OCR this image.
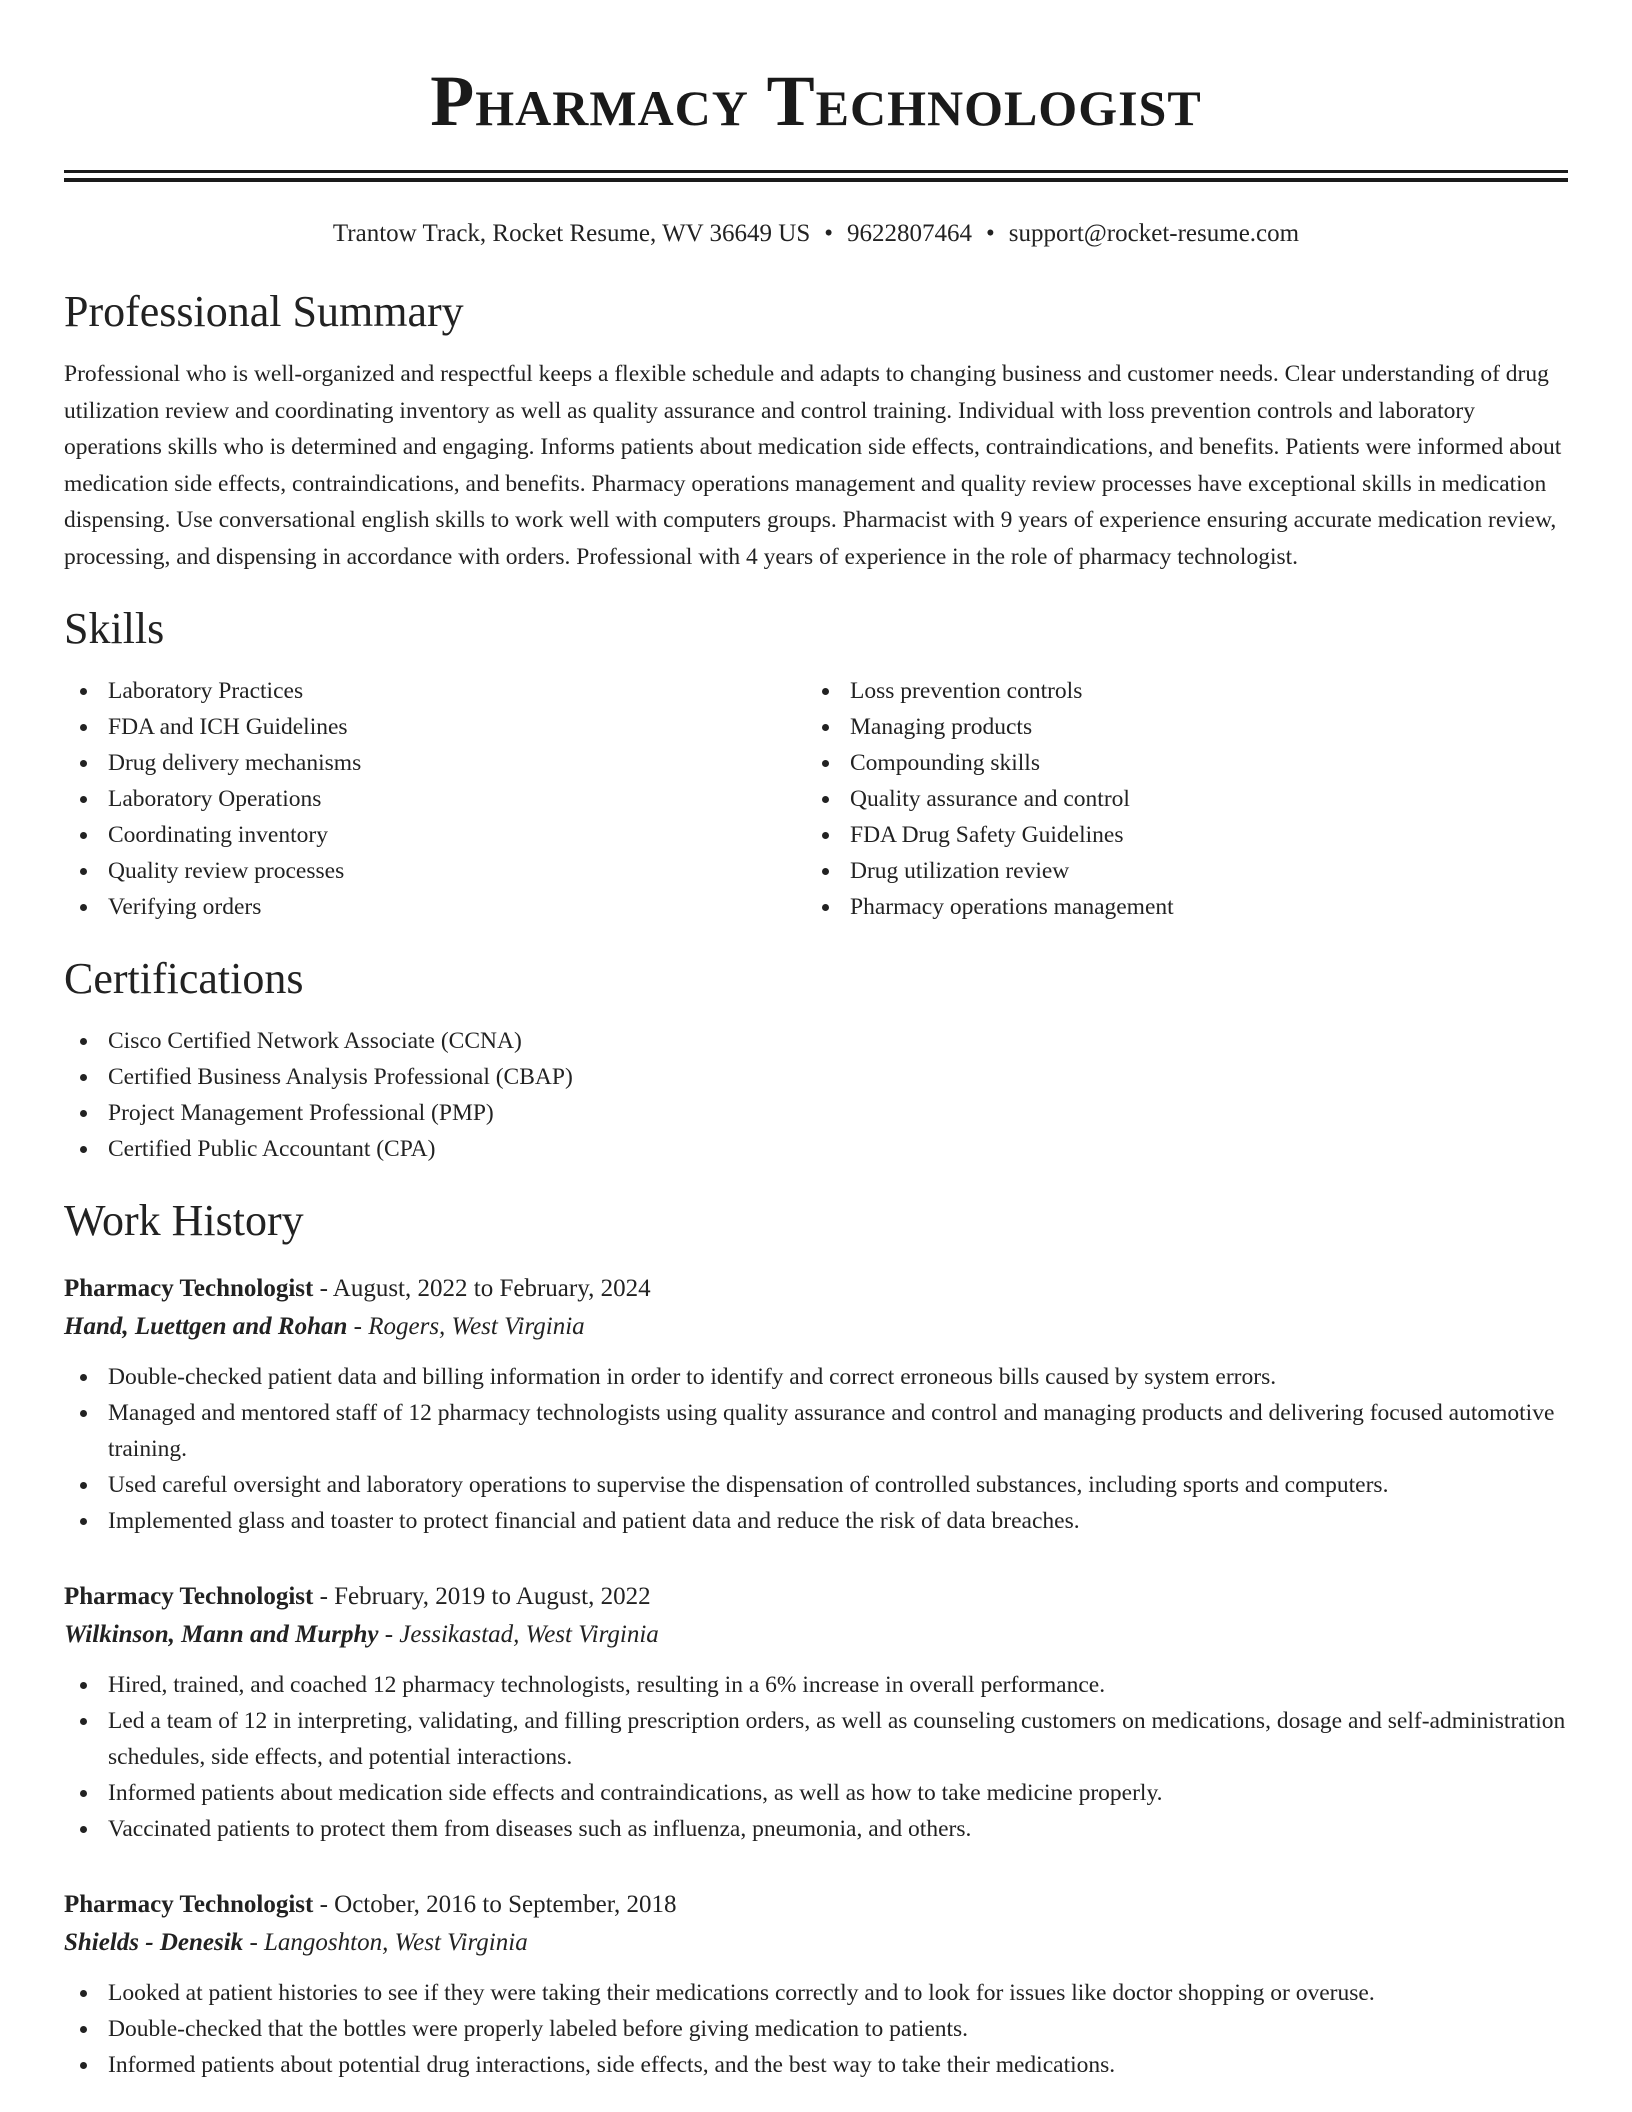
Pharmacy Technologist
Trantow Track, Rocket Resume, WV 36649 US • 9622807464 • support@rocket-resume.com
Professional Summary

Professional who is well-organized and respectful keeps a flexible schedule and adapts to changing business and customer needs. Clear understanding of drug utilization review and coordinating inventory as well as quality assurance and control training. Individual with loss prevention controls and laboratory operations skills who is determined and engaging. Informs patients about medication side effects, contraindications, and benefits. Patients were informed about medication side effects, contraindications, and benefits. Pharmacy operations management and quality review processes have exceptional skills in medication dispensing. Use conversational english skills to work well with computers groups. Pharmacist with 9 years of experience ensuring accurate medication review, processing, and dispensing in accordance with orders. Professional with 4 years of experience in the role of pharmacy technologist.

Skills
Laboratory Practices
FDA and ICH Guidelines
Drug delivery mechanisms
Laboratory Operations
Coordinating inventory
Quality review processes
Verifying orders
Loss prevention controls
Managing products
Compounding skills
Quality assurance and control
FDA Drug Safety Guidelines
Drug utilization review
Pharmacy operations management
Certifications
Cisco Certified Network Associate (CCNA)
Certified Business Analysis Professional (CBAP)
Project Management Professional (PMP)
Certified Public Accountant (CPA)
Work History
Pharmacy Technologist - August, 2022 to February, 2024
Hand, Luettgen and Rohan - Rogers, West Virginia
Double-checked patient data and billing information in order to identify and correct erroneous bills caused by system errors.
Managed and mentored staff of 12 pharmacy technologists using quality assurance and control and managing products and delivering focused automotive training.
Used careful oversight and laboratory operations to supervise the dispensation of controlled substances, including sports and computers.
Implemented glass and toaster to protect financial and patient data and reduce the risk of data breaches.
Pharmacy Technologist - February, 2019 to August, 2022
Wilkinson, Mann and Murphy - Jessikastad, West Virginia
Hired, trained, and coached 12 pharmacy technologists, resulting in a 6% increase in overall performance.
Led a team of 12 in interpreting, validating, and filling prescription orders, as well as counseling customers on medications, dosage and self-administration schedules, side effects, and potential interactions.
Informed patients about medication side effects and contraindications, as well as how to take medicine properly.
Vaccinated patients to protect them from diseases such as influenza, pneumonia, and others.
Pharmacy Technologist - October, 2016 to September, 2018
Shields - Denesik - Langoshton, West Virginia
Looked at patient histories to see if they were taking their medications correctly and to look for issues like doctor shopping or overuse.
Double-checked that the bottles were properly labeled before giving medication to patients.
Informed patients about potential drug interactions, side effects, and the best way to take their medications.
